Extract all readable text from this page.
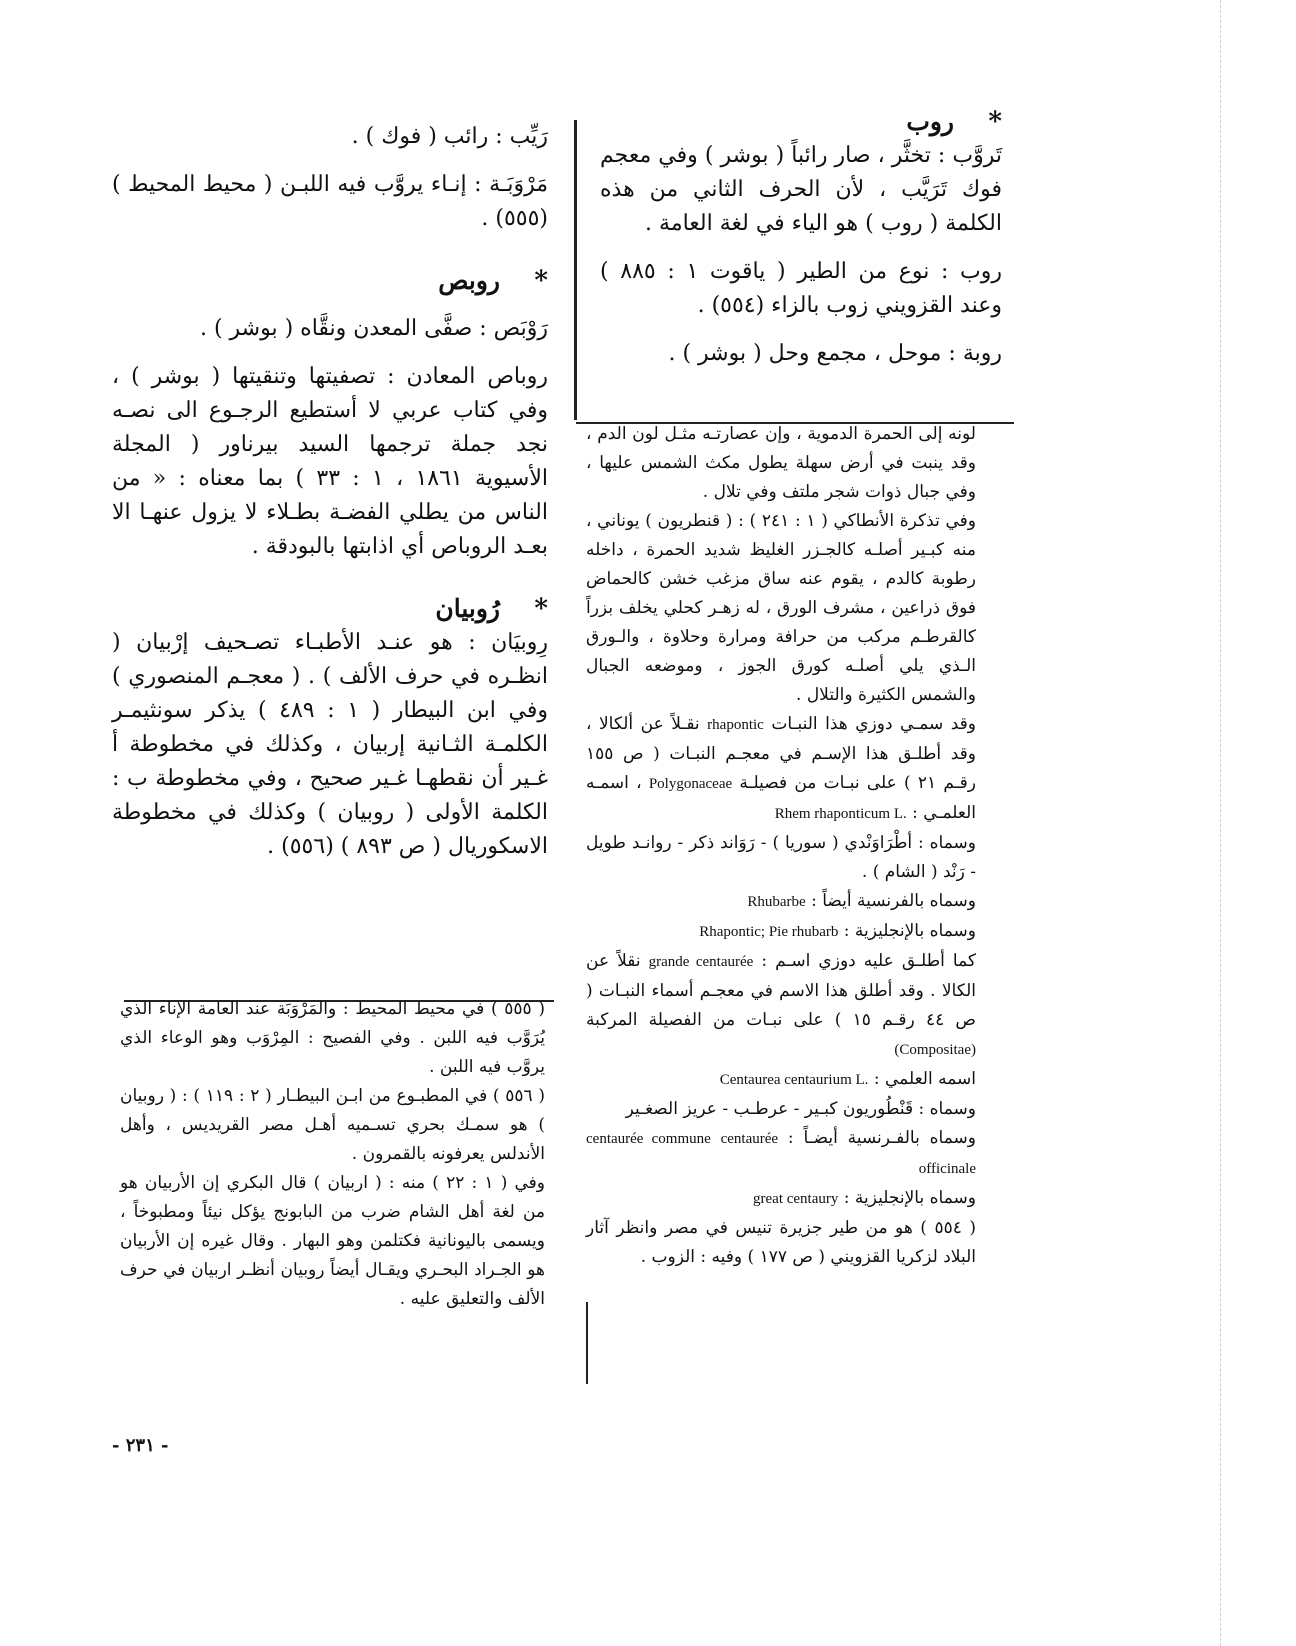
*
روب

تَروَّب : تخثَّر ، صار رائباً ( بوشر ) وفي معجم فوك تَرَيَّب ، لأن الحرف الثاني من هذه الكلمة ( روب ) هو الياء في لغة العامة .

روب : نوع من الطير ( ياقوت ١ : ٨٨٥ ) وعند القزويني زوب بالزاء (٥٥٤) .

روبة : موحل ، مجمع وحل ( بوشر ) .

رَيِّب : رائب ( فوك ) .

مَرْوَبَـة : إنـاء يروَّب فيه اللبـن ( محيط المحيط ) (٥٥٥) .

*
روبص

رَوْبَص : صفَّى المعدن ونقَّاه ( بوشر ) .

روباص المعادن : تصفيتها وتنقيتها ( بوشر ) ، وفي كتاب عربي لا أستطيع الرجـوع الى نصـه نجد جملة ترجمها السيد بيرناور ( المجلة الأسيوية ١٨٦١ ، ١ : ٣٣ ) بما معناه : « من الناس من يطلي الفضـة بطـلاء لا يزول عنهـا الا بعـد الروباص أي اذابتها بالبودقة .

*
رُوبيان

رِوبيَان : هو عنـد الأطبـاء تصـحيف إرْبيان ( انظـره في حرف الألف ) . ( معجـم المنصوري ) وفي ابن البيطار ( ١ : ٤٨٩ ) يذكر سونثيمـر الكلمـة الثـانية إربيان ، وكذلك في مخطوطة أ غـير أن نقطهـا غـير صحيح ، وفي مخطوطة ب : الكلمة الأولى ( روبيان ) وكذلك في مخطوطة الاسكوريال ( ص ٨٩٣ ) (٥٥٦) .

لونه إلى الحمرة الدموية ، وإن عصارتـه مثـل لون الدم ، وقد ينبت في أرض سهلة يطول مكث الشمس عليها ، وفي جبال ذوات شجر ملتف وفي تلال .

وفي تذكرة الأنطاكي ( ١ : ٢٤١ ) : ( قنطريون ) يوناني ، منه كبـير أصلـه كالجـزر الغليظ شديد الحمرة ، داخله رطوبة كالدم ، يقوم عنه ساق مزغب خشن كالحماض فوق ذراعين ، مشرف الورق ، له زهـر كحلي يخلف بزراً كالقرطـم مركب من حرافة ومرارة وحلاوة ، والـورق الـذي يلي أصلـه كورق الجوز ، وموضعه الجبال والشمس الكثيرة والتلال .

وقد سمـي دوزي هذا النبـات rhapontic نقـلاً عن ألكالا ، وقد أطلـق هذا الإسـم في معجـم النبـات ( ص ١٥٥ رقـم ٢١ ) على نبـات من فصيلـة Polygonaceae ، اسمـه العلمـي : Rhem rhaponticum L.

وسماه : أطْرَاوَنْدي ( سوريا ) - رَوَاند ذكر - روانـد طويل - رَنْد ( الشام ) .

وسماه بالفرنسية أيضاً : Rhubarbe

وسماه بالإنجليزية : Rhapontic; Pie rhubarb

كما أطلـق عليه دوزي اسـم : grande centaurée نقلاً عن الكالا . وقد أطلق هذا الاسم في معجـم أسماء النبـات ( ص ٤٤ رقـم ١٥ ) على نبـات من الفصيلة المركبة (Compositae)

اسمه العلمي : Centaurea centaurium L.

وسماه : قَنْطُوريون كبـير - عرطـب - عريز الصغـير

وسماه بالفـرنسية أيضـاً : centaurée commune centaurée officinale

وسماه بالإنجليزية : great centaury

( ٥٥٤ ) هو من طير جزيرة تنيس في مصر وانظر آثار البلاد لزكريا القزويني ( ص ١٧٧ ) وفيه : الزوب .

( ٥٥٥ ) في محيط المحيط : والمَرْوَبَة عند العامة الإناء الذي يُرَوَّب فيه اللبن . وفي الفصيح : المِرْوَب وهو الوعاء الذي يروَّب فيه اللبن .

( ٥٥٦ ) في المطبـوع من ابـن البيطـار ( ٢ : ١١٩ ) : ( روبيان ) هو سمـك بحري تسـميه أهـل مصر القريديس ، وأهل الأندلس يعرفونه بالقمرون .

وفي ( ١ : ٢٢ ) منه : ( اربيان ) قال البكري إن الأربيان هو من لغة أهل الشام ضرب من البابونج يؤكل نيئاً ومطبوخاً ، ويسمى باليونانية فكتلمن وهو البهار . وقال غيره إن الأربيان هو الجـراد البحـري ويقـال أيضاً روبيان أنظـر اربيان في حرف الألف والتعليق عليه .

- ٢٣١ -
